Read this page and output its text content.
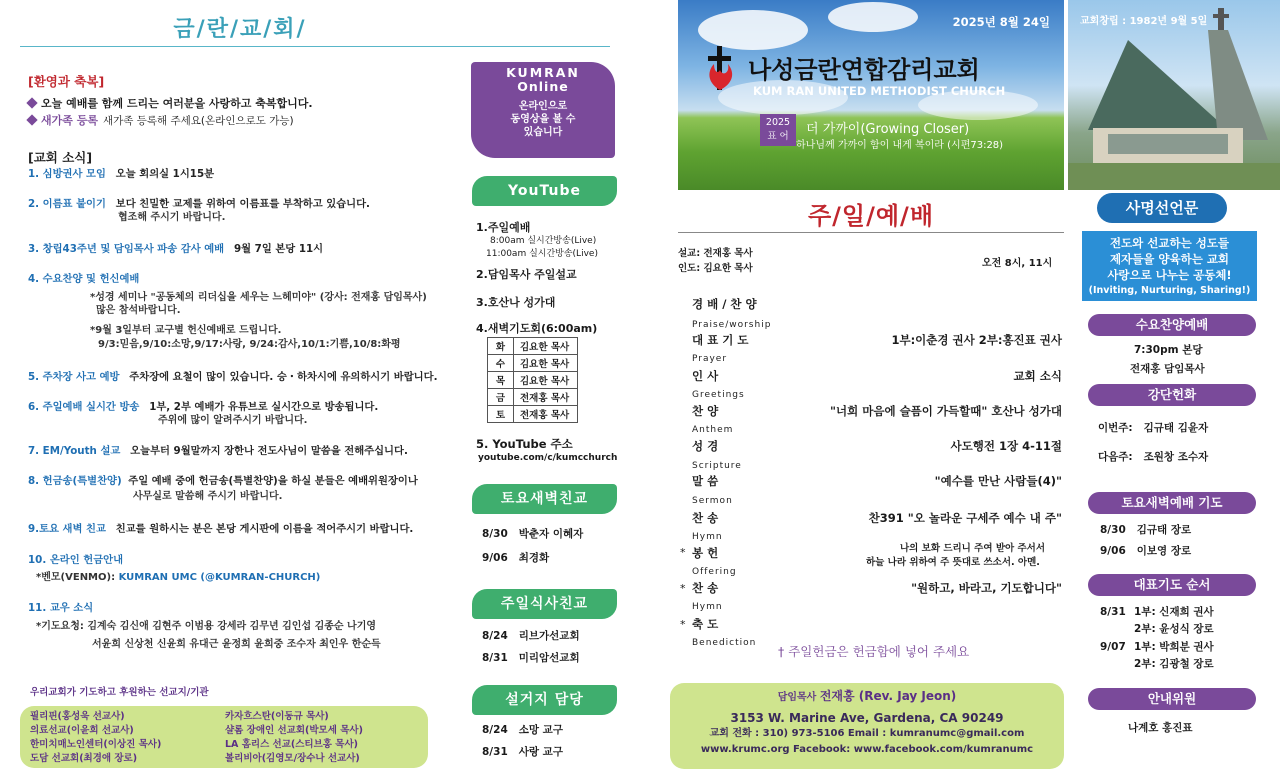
금/란/교/회/
[환영과 축복]
오늘 예배를 함께 드리는 여러분을 사랑하고 축복합니다.
새가족 등록 새가족 등록해 주세요(온라인으로도 가능)
[교회 소식]
1. 심방권사 모임 오늘 회의실 1시15분
2. 이름표 붙이기 보다 친밀한 교제를 위하여 이름표를 부착하고 있습니다.
협조해 주시기 바랍니다.
3. 창립43주년 및 담임목사 파송 감사 예배 9월 7일 본당 11시
4. 수요찬양 및 헌신예배
*성경 세미나 "공동체의 리더십을 세우는 느헤미야" (강사: 전재홍 담임목사)
많은 참석바랍니다.
*9월 3일부터 교구별 헌신예배로 드립니다.
9/3:믿음,9/10:소망,9/17:사랑, 9/24:감사,10/1:기쁨,10/8:화평
5. 주차장 사고 예방 주차장에 요철이 많이 있습니다. 승・하차시에 유의하시기 바랍니다.
6. 주일예배 실시간 방송 1부, 2부 예배가 유튜브로 실시간으로 방송됩니다.
주위에 많이 알려주시기 바랍니다.
7. EM/Youth 설교 오늘부터 9월말까지 장한나 전도사님이 말씀을 전해주십니다.
8. 헌금송(특별찬양) 주일 예배 중에 헌금송(특별찬양)을 하실 분들은 예배위원장이나
사무실로 말씀해 주시기 바랍니다.
9.토요 새벽 친교 친교를 원하시는 분은 본당 게시판에 이름을 적어주시기 바랍니다.
10. 온라인 헌금안내
*벤모(VENMO): KUMRAN UMC (@KUMRAN-CHURCH)
11. 교우 소식
*기도요청: 김계숙 김신애 김현주 이범용 강세라 김무년 김인섭 김종순 나기영
서윤희 신상천 신윤희 유대근 윤정희 윤희중 조수자 최인우 한순득
우리교회가 기도하고 후원하는 선교지/기관
필리핀(홍성욱 선교사)	카자흐스탄(이동규 목사)
의료선교(이윤희 선교사)	샬롬 장애인 선교회(박모세 목사)
한미치매노인센터(이상진 목사)	LA 홈리스 선교(스티브홍 목사)
도담 선교회(최경애 장로)	볼리비아(김영모/장수나 선교사)
KUMRAN
Online
온라인으로
동영상을 볼 수
있습니다
YouTube
1.주일예배
8:00am 실시간방송(Live)
11:00am 실시간방송(Live)
2.담임목사 주일설교
3.호산나 성가대
4.새벽기도회(6:00am)
화	김요한 목사
수	김요한 목사
목	김요한 목사
금	전재홍 목사
토	전재홍 목사
5. YouTube 주소
youtube.com/c/kumcchurch
토요새벽친교
8/30 박춘자 이혜자
9/06 최경화
주일식사친교
8/24 리브가선교회
8/31 미리암선교회
설거지 담당
8/24 소망 교구
8/31 사랑 교구
2025년 8월 24일
나성금란연합감리교회
KUM RAN UNITED METHODIST CHURCH
2025
표 어	더 가까이(Growing Closer)
하나님께 가까이 함이 내게 복이라 (시편73:28)
교회창립 : 1982년 9월 5일
주/일/예/배
설교: 전재홍 목사
인도: 김요한 목사	오전 8시, 11시
경 배 / 찬 양
Praise/worship
대 표 기 도	1부:이춘경 권사 2부:홍진표 권사
Prayer
인 사	교회 소식
Greetings
찬 양	"너희 마음에 슬픔이 가득할때" 호산나 성가대
Anthem
성 경	사도행전 1장 4-11절
Scripture
말 씀	"예수를 만난 사람들(4)"
Sermon
찬 송	찬391 "오 놀라운 구세주 예수 내 주"
Hymn
* 봉 헌
Offering
나의 보화 드리니 주여 받아 주서서
하늘 나라 위하여 주 뜻대로 쓰소서. 아멘.
* 찬 송	"원하고, 바라고, 기도합니다"
Hymn
* 축 도
Benediction
† 주일헌금은 헌금함에 넣어 주세요
담임목사 전재홍 (Rev. Jay Jeon)
3153 W. Marine Ave, Gardena, CA 90249
교회 전화 : 310) 973-5106 Email : kumranumc@gmail.com
www.krumc.org Facebook: www.facebook.com/kumranumc
사명선언문
전도와 선교하는 성도들
제자들을 양육하는 교회
사랑으로 나누는 공동체!
(Inviting, Nurturing, Sharing!)
수요찬양예배
7:30pm 본당
전재홍 담임목사
강단헌화
이번주: 김규태 김윤자
다음주: 조원창 조수자
토요새벽예배 기도
8/30 김규태 장로
9/06 이보영 장로
대표기도 순서
8/31 1부: 신재희 권사
2부: 윤성식 장로
9/07 1부: 박희분 권사
2부: 김광철 장로
안내위원
나계호 홍진표
